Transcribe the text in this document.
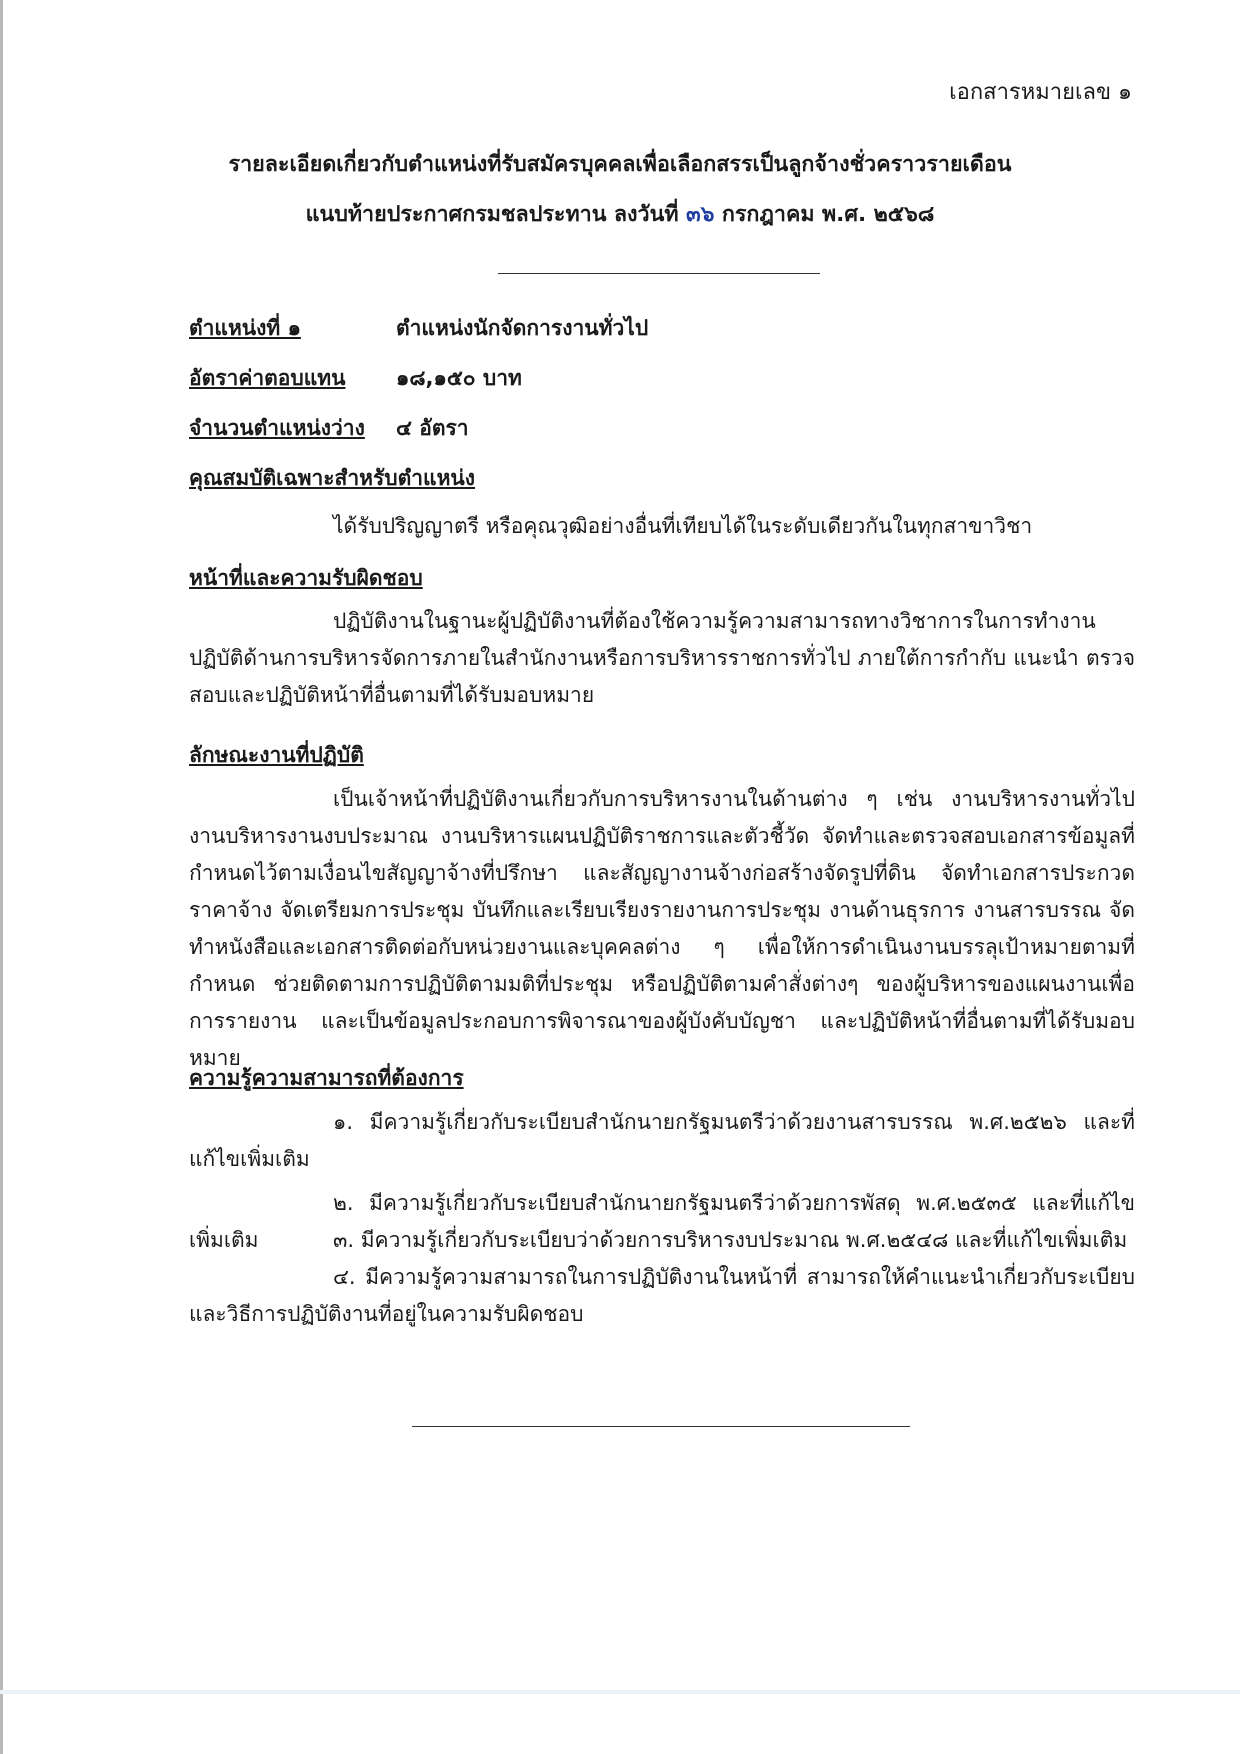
เอกสารหมายเลข ๑
รายละเอียดเกี่ยวกับตำแหน่งที่รับสมัครบุคคลเพื่อเลือกสรรเป็นลูกจ้างชั่วคราวรายเดือน
แนบท้ายประกาศกรมชลประทาน ลงวันที่ ๓๖ กรกฎาคม พ.ศ. ๒๕๖๘
ตำแหน่งที่ ๑	ตำแหน่งนักจัดการงานทั่วไป
อัตราค่าตอบแทน ๑๘,๑๕๐ บาท
จำนวนตำแหน่งว่าง ๔ อัตรา
คุณสมบัติเฉพาะสำหรับตำแหน่ง

ได้รับปริญญาตรี หรือคุณวุฒิอย่างอื่นที่เทียบได้ในระดับเดียวกันในทุกสาขาวิชา

หน้าที่และความรับผิดชอบ

ปฏิบัติงานในฐานะผู้ปฏิบัติงานที่ต้องใช้ความรู้ความสามารถทางวิชาการในการทำงาน ปฏิบัติด้านการบริหารจัดการภายในสำนักงานหรือการบริหารราชการทั่วไป ภายใต้การกำกับ แนะนำ ตรวจสอบและปฏิบัติหน้าที่อื่นตามที่ได้รับมอบหมาย

ลักษณะงานที่ปฏิบัติ

เป็นเจ้าหน้าที่ปฏิบัติงานเกี่ยวกับการบริหารงานในด้านต่าง ๆ เช่น งานบริหารงานทั่วไป งานบริหารงานงบประมาณ งานบริหารแผนปฏิบัติราชการและตัวชี้วัด จัดทำและตรวจสอบเอกสารข้อมูลที่กำหนดไว้ตามเงื่อนไขสัญญาจ้างที่ปรึกษา และสัญญางานจ้างก่อสร้างจัดรูปที่ดิน จัดทำเอกสารประกวดราคาจ้าง จัดเตรียมการประชุม บันทึกและเรียบเรียงรายงานการประชุม งานด้านธุรการ งานสารบรรณ จัดทำหนังสือและเอกสารติดต่อกับหน่วยงานและบุคคลต่าง ๆ เพื่อให้การดำเนินงานบรรลุเป้าหมายตามที่กำหนด ช่วยติดตามการปฏิบัติตามมติที่ประชุม หรือปฏิบัติตามคำสั่งต่างๆ ของผู้บริหารของแผนงานเพื่อการรายงาน และเป็นข้อมูลประกอบการพิจารณาของผู้บังคับบัญชา และปฏิบัติหน้าที่อื่นตามที่ได้รับมอบหมาย

ความรู้ความสามารถที่ต้องการ

๑. มีความรู้เกี่ยวกับระเบียบสำนักนายกรัฐมนตรีว่าด้วยงานสารบรรณ พ.ศ.๒๕๒๖ และที่แก้ไขเพิ่มเติม

๒. มีความรู้เกี่ยวกับระเบียบสำนักนายกรัฐมนตรีว่าด้วยการพัสดุ พ.ศ.๒๕๓๕ และที่แก้ไขเพิ่มเติม	๓. มีความรู้เกี่ยวกับระเบียบว่าด้วยการบริหารงบประมาณ พ.ศ.๒๕๔๘ และที่แก้ไขเพิ่มเติม

๔. มีความรู้ความสามารถในการปฏิบัติงานในหน้าที่ สามารถให้คำแนะนำเกี่ยวกับระเบียบและวิธีการปฏิบัติงานที่อยู่ในความรับผิดชอบ
